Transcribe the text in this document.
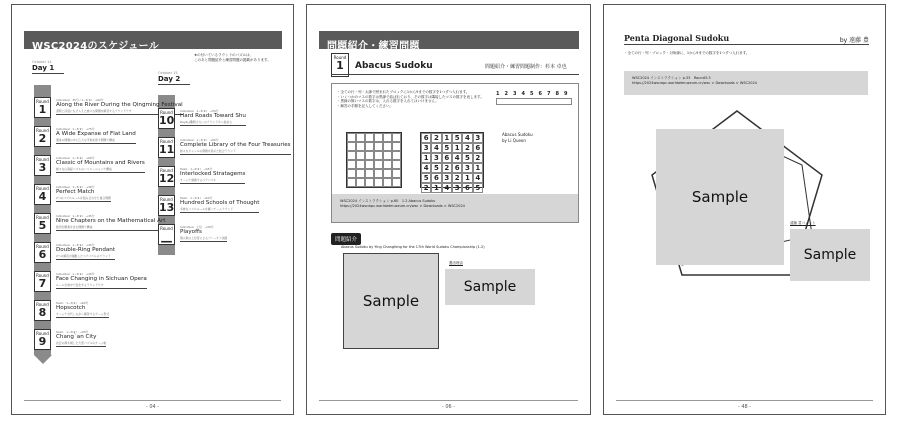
WSC2024のスケジュール
★の付いているラウンドのパズルは、
このあと問題紹介と練習問題の掲載があります。
October 14
Day 1
October 15
Day 2
Round
1
Individual　35分 / 1~2(★)　→60分
Along the River During the Qingming Festival
清明上河図になぞらえた様々な問題を解答するラウンドです
Round
2
Individual　1~3(★)　→75分
A Wide Expanse of Flat Land
通常の問題の中に広大な平地を探す問題で構成
Round
3
Individual　1~3(★)　→60分
Classic of Mountains and Rivers
様々な山海経パズルのバリエーションで構成
Round
4
Individual　1~3(★)　→30分
Perfect Match
2つのパズルルールを組み合わせた複合問題
Round
5
Individual　1~3(★)　→45分
Nine Chapters on the Mathematical Art
数学的要素を含む問題で構成
Round
6
Individual　1~3(★)　→45分
Double-Ring Pendant
2つの解答が連動したペアパズルのラウンド
Round
7
Individual　1~3(★)　→40分
Face Changing in Sichuan Opera
ルールが途中で変化するラウンドです
Round
8
Team　1~3(★)　→60分
Hopscotch
チームで交代しながら解答するゲーム形式
Round
9
Team　1~3(★)　→90分
Chang`an City
長安の都を模した大型パズルのチーム戦
Round
10
Individual　1~3(★)　→50分
Hard Roads Toward Shu
Day2は難問ぞろいのラウンドから始まる
Round
11
Individual　1~3(★)　→60分
Complete Library of the Four Treasuries
様々なジャンルの問題を集めた総合ラウンド
Round
12
Team　1~3(★)　→45分
Interlocked Stratagems
チームで連携するペアパズル
Round
13
Team　1~3(★)　→60分
Hundred Schools of Thought
多様なパズルルールを解くチームラウンド
Round
—
Individual　上位　→30分
Playoffs
個人戦の上位者によるプレーオフ決勝
- 04 -
問題紹介・練習問題
Round
1	Abacus Sudoku	問題紹介・練習問題制作：杉本 卓也
・全ての行・列・太線で囲まれたブロックに1から9までの数字を1つずつ入れます。
・いくつかのマスの数字は黒線で結ばれており、その数字は隣接したマスの数字を表します。
・黒線の無いマスの数字は、入れる数字を入れてはいけません。
・解答の手順を記入してください。
1	2	3	4	5	6	7	8	9
6 2 1 5 4 3
3 4 5 1 2 6
1 3 6 4 5 2
4 5 2 6 3 1
5 6 3 2 1 4
2 1 4 3 6 5
Abacus Sudoku
by Li Queon
WSC2024 インストラクション p.60　1.2 Abacus Sudoku
https://2024wscwpc.worldwtmuseum.cn/wsc > Downloads > WSC2024
問題紹介
Abacus Sudoku by Ying Changfeng for the 17th World Sudoku Championship (1.2)
Sample
選出理由
Sample
- 06 -
Penta Diagonal Sudoku	by 遠藤 豊
・全ての行・列・ブロック・対角線に、1から9までの数字を1つずつ入れます。
WSC2024 インストラクション p.33　Round3-3
https://2024wscwpc.worldwtmuseum.cn/wsc > Downloads > WSC2024
Sample
遠藤 豊コメント
Sample
- 48 -
